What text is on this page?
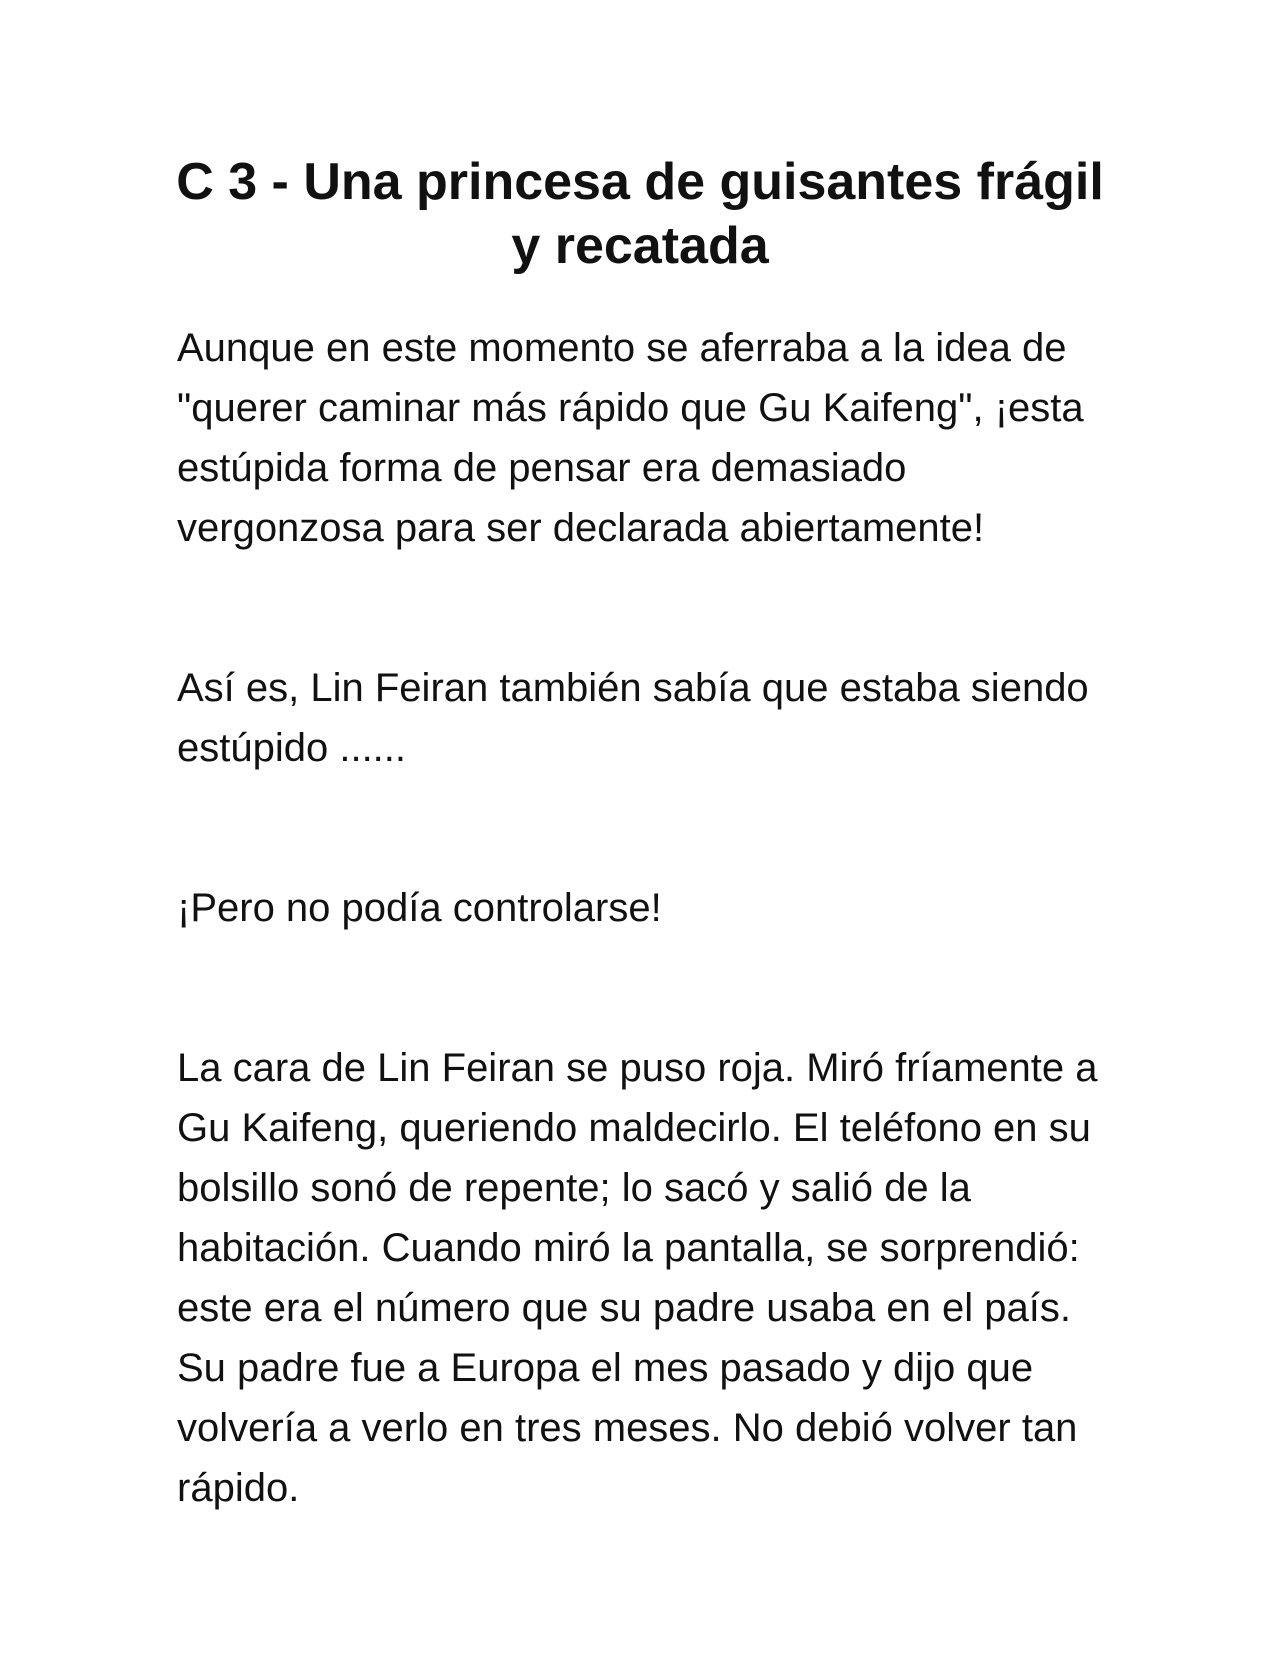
C 3 - Una princesa de guisantes frágil
y recatada

Aunque en este momento se aferraba a la idea de "querer caminar más rápido que Gu Kaifeng", ¡esta estúpida forma de pensar era demasiado vergonzosa para ser declarada abiertamente!

Así es, Lin Feiran también sabía que estaba siendo estúpido ......

¡Pero no podía controlarse!

La cara de Lin Feiran se puso roja. Miró fríamente a Gu Kaifeng, queriendo maldecirlo. El teléfono en su bolsillo sonó de repente; lo sacó y salió de la habitación. Cuando miró la pantalla, se sorprendió: este era el número que su padre usaba en el país. Su padre fue a Europa el mes pasado y dijo que volvería a verlo en tres meses. No debió volver tan rápido.
